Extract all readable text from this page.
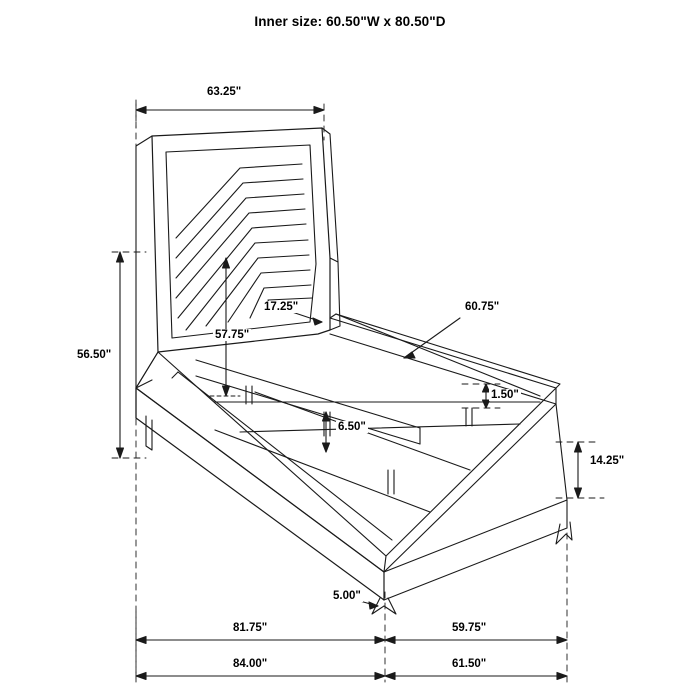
Inner size: 60.50"W x 80.50"D
63.25"
56.50"
57.75"
17.25"	60.75"
1.50"
6.50"
14.25"
5.00"
81.75"	59.75"
84.00"	61.50"
